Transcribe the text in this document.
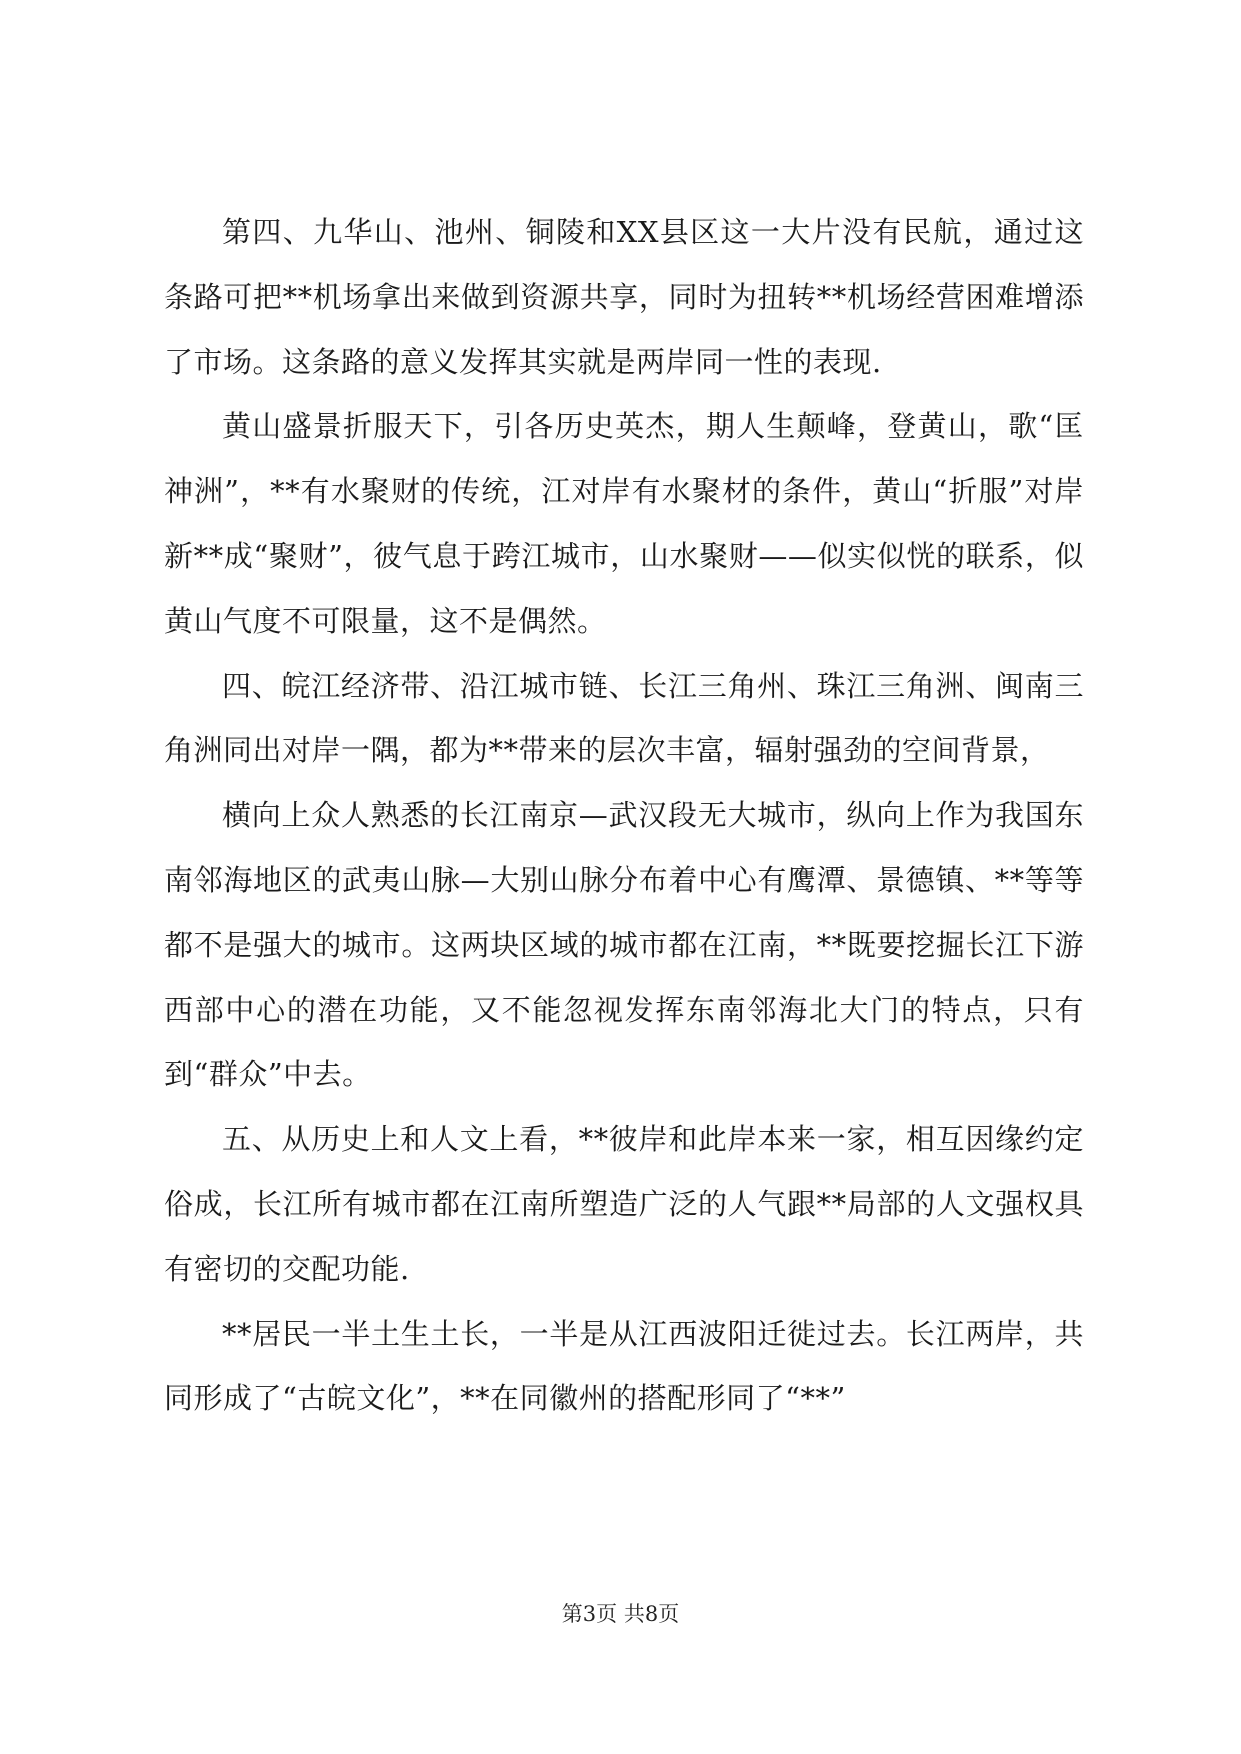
第四、九华山、池州、铜陵和XX县区这一大片没有民航，通过这条路可把**机场拿出来做到资源共享，同时为扭转**机场经营困难增添了市场。这条路的意义发挥其实就是两岸同一性的表现.

黄山盛景折服天下，引各历史英杰，期人生颠峰，登黄山，歌“匡神洲”，**有水聚财的传统，江对岸有水聚材的条件，黄山“折服”对岸新**成“聚财”，彼气息于跨江城市，山水聚财——似实似恍的联系，似黄山气度不可限量，这不是偶然。

四、皖江经济带、沿江城市链、长江三角州、珠江三角洲、闽南三角洲同出对岸一隅，都为**带来的层次丰富，辐射强劲的空间背景，

横向上众人熟悉的长江南京—武汉段无大城市，纵向上作为我国东南邻海地区的武夷山脉—大别山脉分布着中心有鹰潭、景德镇、**等等都不是强大的城市。这两块区域的城市都在江南，**既要挖掘长江下游西部中心的潜在功能，又不能忽视发挥东南邻海北大门的特点，只有到“群众”中去。

五、从历史上和人文上看，**彼岸和此岸本来一家，相互因缘约定俗成，长江所有城市都在江南所塑造广泛的人气跟**局部的人文强权具有密切的交配功能.

**居民一半土生土长，一半是从江西波阳迁徙过去。长江两岸，共同形成了“古皖文化”，**在同徽州的搭配形同了“**”

第3页 共8页
